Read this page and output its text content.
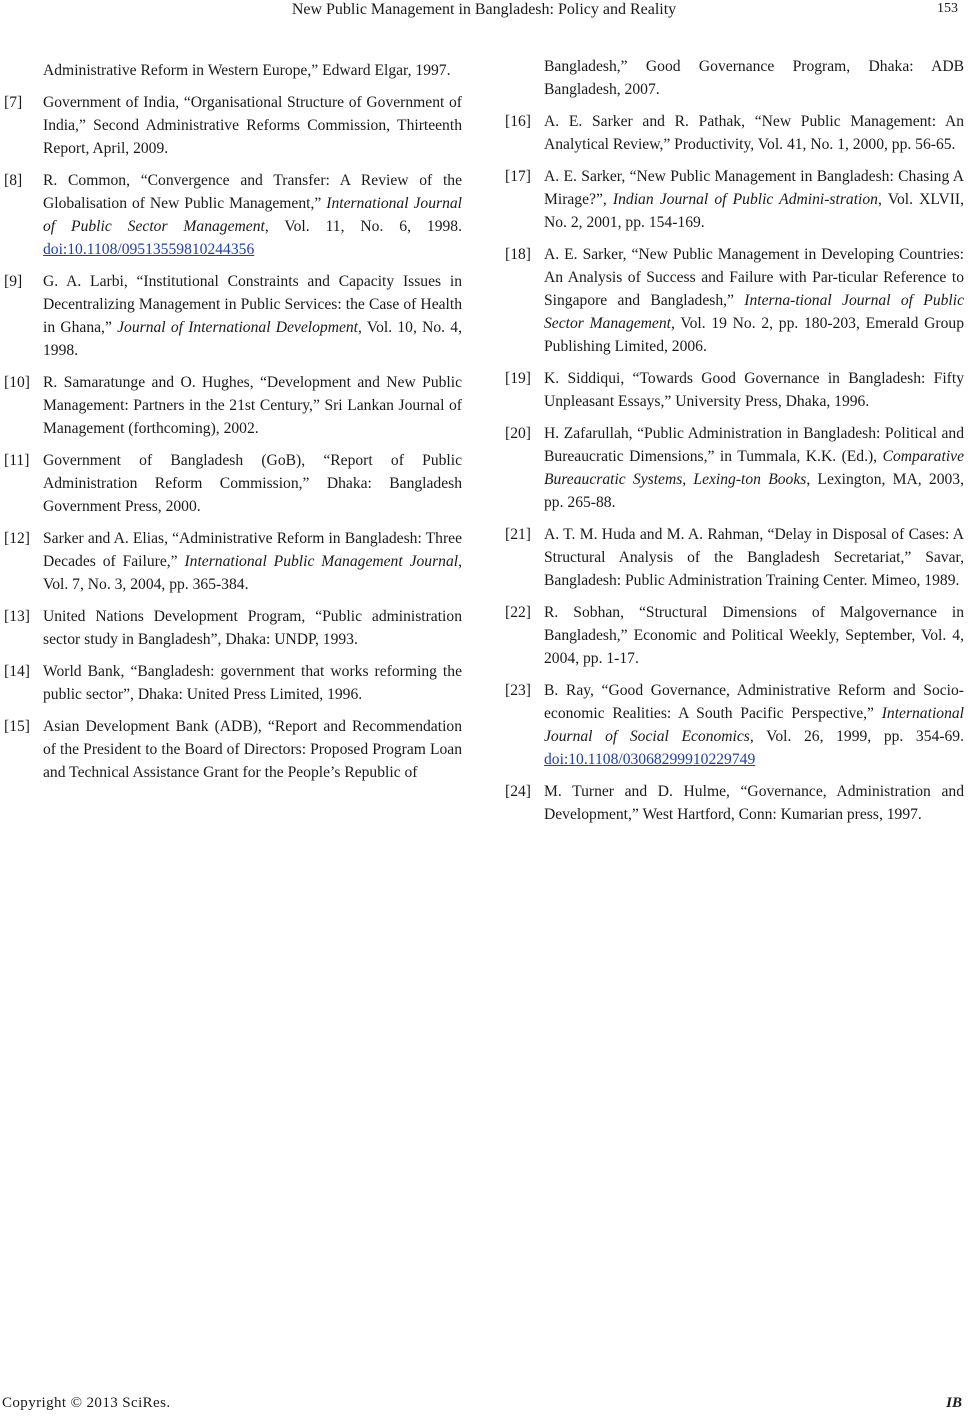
New Public Management in Bangladesh: Policy and Reality	153
Administrative Reform in Western Europe,” Edward Elgar, 1997.
[7] Government of India, “Organisational Structure of Government of India,” Second Administrative Reforms Commission, Thirteenth Report, April, 2009.
[8] R. Common, “Convergence and Transfer: A Review of the Globalisation of New Public Management,” International Journal of Public Sector Management, Vol. 11, No. 6, 1998. doi:10.1108/09513559810244356
[9] G. A. Larbi, “Institutional Constraints and Capacity Issues in Decentralizing Management in Public Services: the Case of Health in Ghana,” Journal of International Development, Vol. 10, No. 4, 1998.
[10] R. Samaratunge and O. Hughes, “Development and New Public Management: Partners in the 21st Century,” Sri Lankan Journal of Management (forthcoming), 2002.
[11] Government of Bangladesh (GoB), “Report of Public Administration Reform Commission,” Dhaka: Bangladesh Government Press, 2000.
[12] Sarker and A. Elias, “Administrative Reform in Bangladesh: Three Decades of Failure,” International Public Management Journal, Vol. 7, No. 3, 2004, pp. 365-384.
[13] United Nations Development Program, “Public administration sector study in Bangladesh”, Dhaka: UNDP, 1993.
[14] World Bank, “Bangladesh: government that works reforming the public sector”, Dhaka: United Press Limited, 1996.
[15] Asian Development Bank (ADB), “Report and Recommendation of the President to the Board of Directors: Proposed Program Loan and Technical Assistance Grant for the People’s Republic of
Bangladesh,” Good Governance Program, Dhaka: ADB Bangladesh, 2007.
[16] A. E. Sarker and R. Pathak, “New Public Management: An Analytical Review,” Productivity, Vol. 41, No. 1, 2000, pp. 56-65.
[17] A. E. Sarker, “New Public Management in Bangladesh: Chasing A Mirage?”, Indian Journal of Public Admini-stration, Vol. XLVII, No. 2, 2001, pp. 154-169.
[18] A. E. Sarker, “New Public Management in Developing Countries: An Analysis of Success and Failure with Par-ticular Reference to Singapore and Bangladesh,” Interna-tional Journal of Public Sector Management, Vol. 19 No. 2, pp. 180-203, Emerald Group Publishing Limited, 2006.
[19] K. Siddiqui, “Towards Good Governance in Bangladesh: Fifty Unpleasant Essays,” University Press, Dhaka, 1996.
[20] H. Zafarullah, “Public Administration in Bangladesh: Political and Bureaucratic Dimensions,” in Tummala, K.K. (Ed.), Comparative Bureaucratic Systems, Lexing-ton Books, Lexington, MA, 2003, pp. 265-88.
[21] A. T. M. Huda and M. A. Rahman, “Delay in Disposal of Cases: A Structural Analysis of the Bangladesh Secretariat,” Savar, Bangladesh: Public Administration Training Center. Mimeo, 1989.
[22] R. Sobhan, “Structural Dimensions of Malgovernance in Bangladesh,” Economic and Political Weekly, September, Vol. 4, 2004, pp. 1-17.
[23] B. Ray, “Good Governance, Administrative Reform and Socio-economic Realities: A South Pacific Perspective,” International Journal of Social Economics, Vol. 26, 1999, pp. 354-69. doi:10.1108/03068299910229749
[24] M. Turner and D. Hulme, “Governance, Administration and Development,” West Hartford, Conn: Kumarian press, 1997.
Copyright © 2013 SciRes.	IB
